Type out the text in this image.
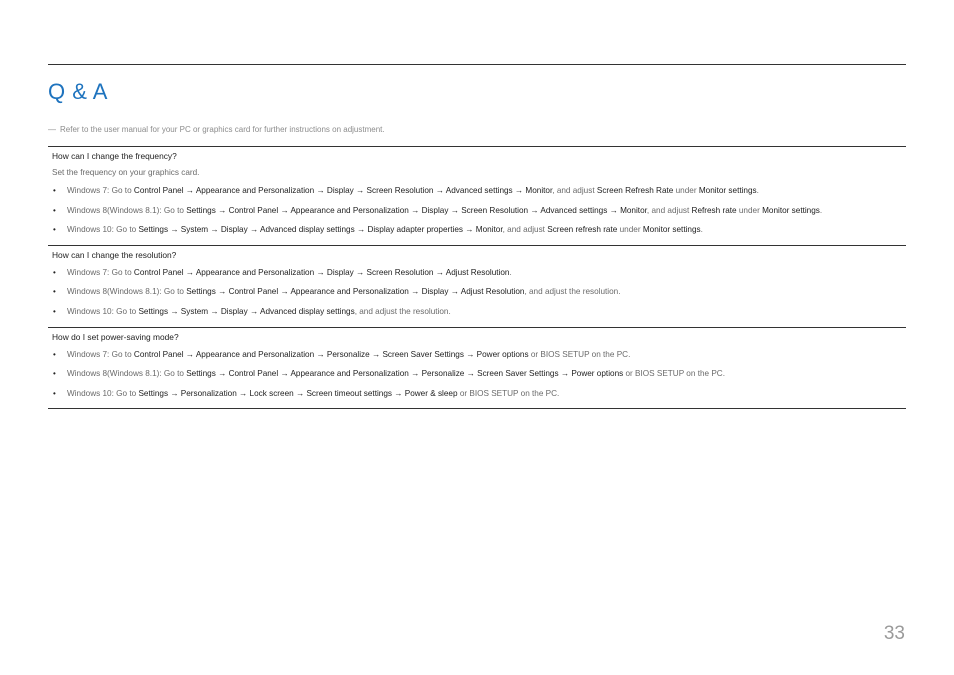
Q & A
― Refer to the user manual for your PC or graphics card for further instructions on adjustment.
How can I change the frequency?
Set the frequency on your graphics card.
• Windows 7: Go to Control Panel → Appearance and Personalization → Display → Screen Resolution → Advanced settings → Monitor, and adjust Screen Refresh Rate under Monitor settings.
• Windows 8(Windows 8.1): Go to Settings → Control Panel → Appearance and Personalization → Display → Screen Resolution → Advanced settings → Monitor, and adjust Refresh rate under Monitor settings.
• Windows 10: Go to Settings → System → Display → Advanced display settings → Display adapter properties → Monitor, and adjust Screen refresh rate under Monitor settings.
How can I change the resolution?
• Windows 7: Go to Control Panel → Appearance and Personalization → Display → Screen Resolution → Adjust Resolution.
• Windows 8(Windows 8.1): Go to Settings → Control Panel → Appearance and Personalization → Display → Adjust Resolution, and adjust the resolution.
• Windows 10: Go to Settings → System → Display → Advanced display settings, and adjust the resolution.
How do I set power-saving mode?
• Windows 7: Go to Control Panel → Appearance and Personalization → Personalize → Screen Saver Settings → Power options or BIOS SETUP on the PC.
• Windows 8(Windows 8.1): Go to Settings → Control Panel → Appearance and Personalization → Personalize → Screen Saver Settings → Power options or BIOS SETUP on the PC.
• Windows 10: Go to Settings → Personalization → Lock screen → Screen timeout settings → Power & sleep or BIOS SETUP on the PC.
33
